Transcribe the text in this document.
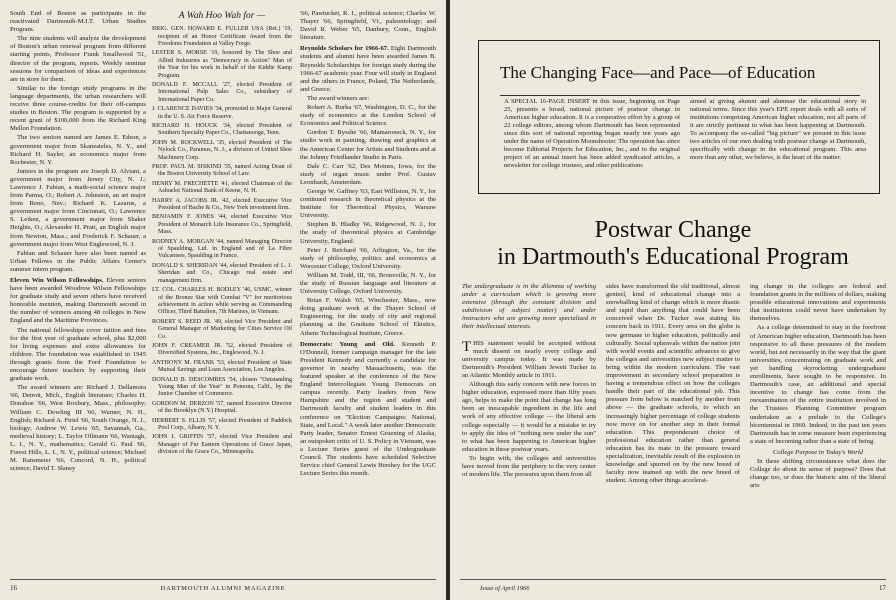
South End of Boston as participants in the reactivated Dartmouth-M.I.T. Urban Studies Program.

The nine students will analyze the development of Boston's urban renewal program from different starting points, Professor Frank Smallwood '51, director of the program, reports. Weekly seminar sessions for comparison of ideas and experiences are in store for them.

Similar to the foreign study programs in the language departments, the urban researchers will receive three course-credits for their off-campus studies in Boston. The program is supported by a recent grant of $100,000 from the Richard King Mellon Foundation.

The two seniors named are James E. Edson, a government major from Skaneateles, N. Y., and Richard H. Sayler, an economics major from Rochester, N. Y.

Juniors in the program are Joseph D. Alviani, a government major from Jersey City, N. J.; Lawrence J. Fabian, a math-social science major from Parma, O.; Robert A. Johnston, an art major from Reno, Nev.; Richard K. Lazarus, a government major from Cincinnati, O.; Lawrence S. Leiken, a government major from Shaker Heights, O.; Alexander H. Pratt, an English major from Newton, Mass.; and Frederick F. Schauer, a government major from West Englewood, N. J.

Fabian and Schauer have also been named as Urban Fellows in the Public Affairs Center's summer intern program.

Eleven Win Wilson Fellowships. Eleven seniors have been awarded Woodrow Wilson Fellowships for graduate study and seven others have received honorable mention, making Dartmouth second in the number of winners among 48 colleges in New England and the Maritime Provinces.

The national fellowships cover tuition and fees for the first year of graduate school, plus $2,000 for living expenses and extra allowances for children. The foundation was established in 1945 through grants from the Ford Foundation to encourage future teachers by supporting their graduate work.

The award winners are: Richard J. Dellamora '66, Detroit, Mich., English literature; Charles H. Donahoe '66, West Roxbury, Mass., philosophy; William C. Dowling III '66, Warner, N. H., English; Richard A. Firtel '66, South Orange, N. J., biology; Andrew W. Lewis '65, Savannah, Ga., medieval history; L. Taylor Ollmann '66, Wantagh, L. I., N. Y., mathematics; Gerald G. Paul '66, Forest Hills, L. I., N. Y., political science; Michael M. Ransmeier '66, Concord, N. H., political science; David T. Slaney

A Wah Hoo Wah for —

BRIG. GEN. HOWARD E. FULLER USA (Ret.) '19, recipient of an Honor Certificate Award from the Freedoms Foundation at Valley Forge.

LESTER S. MORSE '19, honored by The Shoe and Allied Industries as "Democracy in Action" Man of the Year for his work in behalf of the Kiddie Kamp Program.

DONALD F. MCCALL '27, elected President of International Pulp Sales Co., subsidiary of International Paper Co.

J. CLARENCE DAVIES '34, promoted to Major General in the U. S. Air Force Reserve.

RICHARD H. HOUCK '34, elected President of Southern Specialty Paper Co., Chattanooga, Tenn.

JOHN M. ROCKWELL '35, elected President of The Nylock Co., Paramus, N. J., a division of United Shoe Machinery Corp.

PROF. PAUL M. SISKIND '35, named Acting Dean of the Boston University School of Law.

HENRY M. FRECHETTE '41, elected Chairman of the Ashuelot National Bank of Keene, N. H.

HARRY A. JACOBS JR. '42, elected Executive Vice President of Bache & Co., New York investment firm.

BENJAMIN F. JONES '44, elected Executive Vice President of Monarch Life Insurance Co., Springfield, Mass.

RODNEY A. MORGAN '44, named Managing Director of Spaulding, Ltd. in England and of La Fibre Vulcanisee, Spaulding in France.

DONALD S. SHERIDAN '44, elected President of L. J. Sheridan and Co., Chicago real estate and management firm.

LT. COL. CHARLES H. BODLEY '46, USMC, winner of the Bronze Star with Combat "V" for meritorious achievement in action while serving as Commanding Officer, Third Battalion, 7th Marines, in Vietnam.

ROBERT S. REED JR. '49, elected Vice President and General Manager of Marketing for Cities Service Oil Co.

JOHN F. CREAMER JR. '52, elected President of Diversified Systems, Inc., Englewood, N. J.

ANTHONY M. FRANK '53, elected President of State Mutual Savings and Loan Association, Los Angeles.

DONALD B. DESCOMBES '54, chosen "Outstanding Young Man of the Year" in Pomona, Calif., by the Junior Chamber of Commerce.

GORDON M. DERZON '57, named Executive Director of the Brooklyn (N.Y.) Hospital.

HERBERT S. ELLIS '57, elected President of Paddock Pool Corp., Albany, N. Y.

JOHN I. GRIFFIN '57, elected Vice President and Manager of Fur Eastern Operations of Grace Japan, division of the Grace Co., Minneapolis.

'66, Pawtucket, R. I., political science; Charles W. Thayer '66, Springfield, Vt., paleontology; and David R. Weber '65, Danbury, Conn., English literature.

Reynolds Scholars for 1966-67. Eight Dartmouth students and alumni have been awarded James B. Reynolds Scholarships for foreign study during the 1966-67 academic year. Four will study in England and the others in France, Poland, The Netherlands, and Greece.

The award winners are:

Robert A. Burka '67, Washington, D. C., for the study of economics at the London School of Economics and Political Science.

Gordon T. Bysshe '66, Mamaroneck, N. Y., for studio work in painting, drawing and graphics at the American Center for Artists and Students and at the Johnny Friedlander Studio in Paris.

Dale C. Carr '62, Des Moines, Iowa, for the study of organ music under Prof. Gustav Leonhardt, Amsterdam.

George W. Gaffney '63, East Williston, N. Y., for continued research in theoretical physics at the Institute for Theoretical Physics, Warsaw University.

Stephen B. Hladky '66, Ridgewood, N. J., for the study of theoretical physics at Cambridge University, England.

Peter J. Reichard '66, Arlington, Va., for the study of philosophy, politics and economics at Worcester College, Oxford University.

William M. Todd, III, '66, Bronxville, N. Y., for the study of Russian language and literature at University College, Oxford University.

Brian F. Walsh '65, Winchester, Mass., now doing graduate work at the Thayer School of Engineering, for the study of city and regional planning at the Graduate School of Ekistics, Athens Technological Institute, Greece.

Democrats: Young and Old. Kenneth P. O'Donnell, former campaign manager for the late President Kennedy and currently a candidate for governor in nearby Massachusetts, was the featured speaker at the conference of the New England Intercollegiate Young Democrats on campus recently. Party leaders from New Hampshire and the region and student and Dartmouth faculty and student leaders in this conference on "Election Campaigns: National, State, and Local." A week later another Democratic Party leader, Senator Ernest Gruening of Alaska, an outspoken critic of U. S. Policy in Vietnam, was a Lecture Series guest of the Undergraduate Council. The students have scheduled Selective Service chief General Lewis Hershey for the UGC Lecture Series this month.

16	DARTMOUTH ALUMNI MAGAZINE
The Changing Face—and Pace—of Education

A SPECIAL 16-PAGE INSERT in this issue, beginning on Page 25, presents a broad, national picture of postwar change in American higher education. It is a cooperative effort by a group of 22 college editors, among whom Dartmouth has been represented since this sort of national reporting began nearly ten years ago under the name of Operation Moonshooter. The operation has since become Editorial Projects for Education, Inc., and to the original project of an annual insert has been added syndicated articles, a newsletter for college trustees, and other publications

aimed at giving alumni and alumnae the educational story in national terms. Since this year's EPE report deals with all sorts of institutions comprising American higher education, not all parts of it are strictly pertinent to what has been happening at Dartmouth. To accompany the so-called "big picture" we present in this issue two articles of our own dealing with postwar change at Dartmouth, specifically with change in the educational program. This area more than any other, we believe, is the heart of the matter.

Postwar Change
in Dartmouth's Educational Program

The undergraduate is in the dilemma of working under a curriculum which is growing more extensive (through the constant division and subdivision of subject matter) and under instructors who are growing more specialized in their intellectual interests.

THIS statement would be accepted without much dissent on nearly every college and university campus today. It was made by Dartmouth's President William Jewett Tucker in an Atlantic Monthly article in 1911.

Although this early concern with new forces in higher education, expressed more than fifty years ago, helps to make the point that change has long been an inescapable ingredient in the life and work of any effective college — the liberal arts college especially — it would be a mistake to try to apply the idea of "nothing new under the sun" to what has been happening to American higher education in these postwar years.

To begin with, the colleges and universities have moved from the periphery to the very center of modern life. The pressures upon them from all

sides have transformed the old traditional, almost genteel, kind of educational change into a snowballing kind of change which is more drastic and rapid than anything that could have been conceived when Dr. Tucker was stating his concern back in 1911. Every area on the globe is now germane to higher education, politically and culturally. Social upheavals within the nation join with world events and scientific advances to give the colleges and universities new subject matter to bring within the modern curriculum. The vast improvement in secondary school preparation is having a tremendous effect on how the colleges handle their part of the educational job. This pressure from below is matched by another from above — the graduate schools, to which an increasingly higher percentage of college students now move on for another step in their formal education. This preponderant choice of professional education rather than general education has its mate in the pressure toward specialization, inevitable result of the explosion in knowledge and spurred on by the new breed of faculty now teamed up with the new breed of student. Among other things accelerat-

ing change in the colleges are federal and foundation grants in the millions of dollars, making possible educational innovations and experiments that institutions could never have undertaken by themselves.

As a college determined to stay in the forefront of American higher education, Dartmouth has been responsive to all these pressures of the modern world, but not necessarily in the way that the giant universities, concentrating on graduate work and yet handling skyrocketing undergraduate enrollments, have sought to be responsive. In Dartmouth's case, an additional and special incentive to change has come from the reexamination of the entire institution involved in the Trustees Planning Committee program undertaken as a prelude to the College's bicentennial in 1969. Indeed, in the past ten years Dartmouth has in some measure been experiencing a state of becoming rather than a state of being.

College Purpose in Today's World

In these shifting circumstances what does the College do about its sense of purpose? Does that change too, or does the historic aim of the liberal arts

Issue of April 1966	17
